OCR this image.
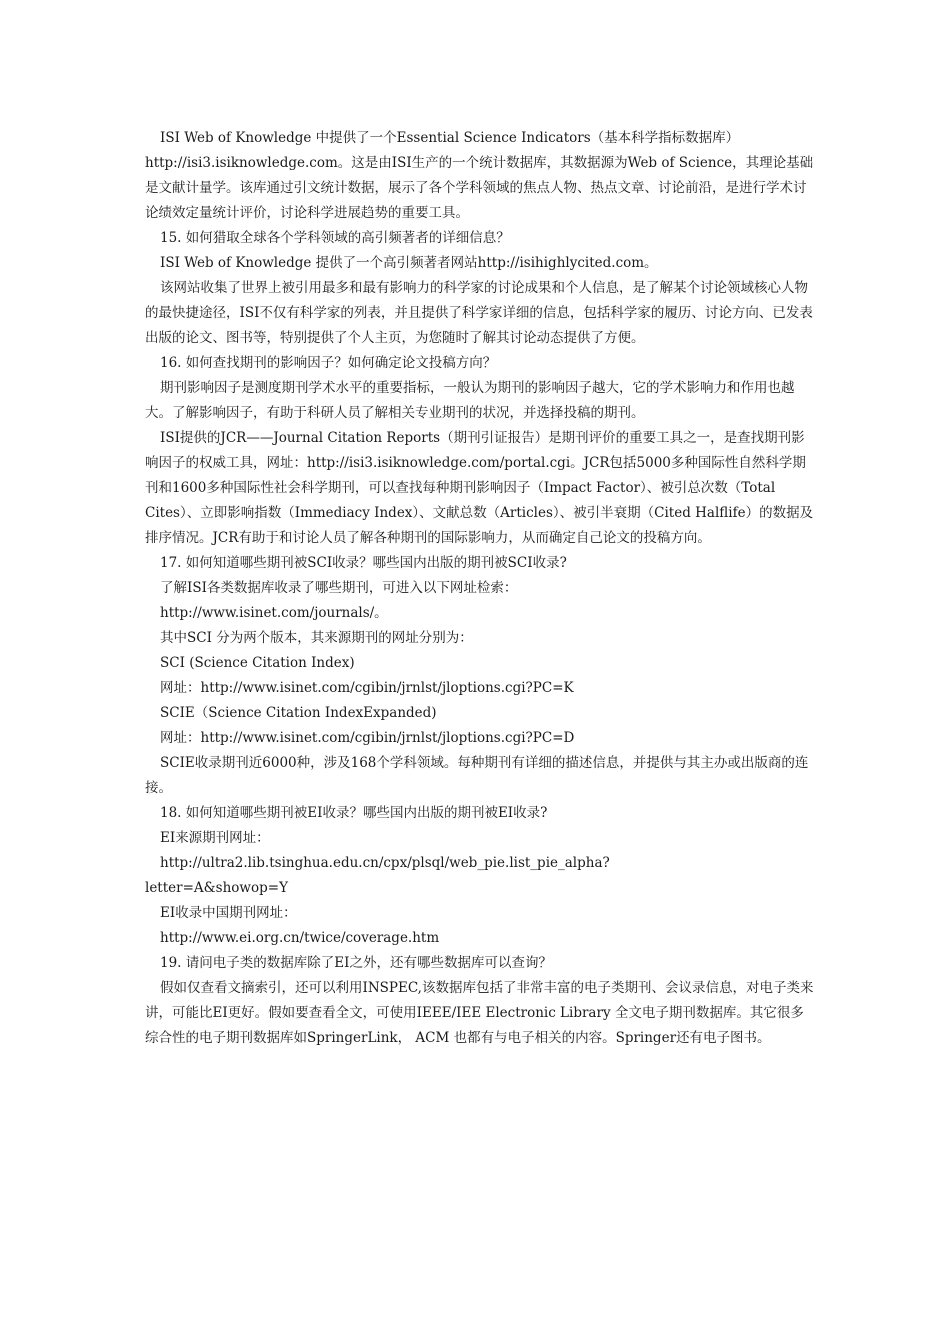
ISI Web of Knowledge 中提供了一个Essential Science Indicators（基本科学指标数据库）http://isi3.isiknowledge.com。这是由ISI生产的一个统计数据库，其数据源为Web of Science，其理论基础是文献计量学。该库通过引文统计数据，展示了各个学科领域的焦点人物、热点文章、讨论前沿，是进行学术讨论绩效定量统计评价，讨论科学进展趋势的重要工具。

15. 如何猎取全球各个学科领域的高引频著者的详细信息？

ISI Web of Knowledge 提供了一个高引频著者网站http://isihighlycited.com。

该网站收集了世界上被引用最多和最有影响力的科学家的讨论成果和个人信息，是了解某个讨论领域核心人物的最快捷途径，ISI不仅有科学家的列表，并且提供了科学家详细的信息，包括科学家的履历、讨论方向、已发表出版的论文、图书等，特别提供了个人主页，为您随时了解其讨论动态提供了方便。

16. 如何查找期刊的影响因子？如何确定论文投稿方向？

期刊影响因子是测度期刊学术水平的重要指标，一般认为期刊的影响因子越大，它的学术影响力和作用也越大。了解影响因子，有助于科研人员了解相关专业期刊的状况，并选择投稿的期刊。

ISI提供的JCR——Journal Citation Reports（期刊引证报告）是期刊评价的重要工具之一，是查找期刊影响因子的权威工具，网址：http://isi3.isiknowledge.com/portal.cgi。JCR包括5000多种国际性自然科学期刊和1600多种国际性社会科学期刊，可以查找每种期刊影响因子（Impact Factor）、被引总次数（Total Cites）、立即影响指数（Immediacy Index）、文献总数（Articles）、被引半衰期（Cited Halflife）的数据及排序情况。JCR有助于和讨论人员了解各种期刊的国际影响力，从而确定自己论文的投稿方向。

17. 如何知道哪些期刊被SCI收录？哪些国内出版的期刊被SCI收录?

了解ISI各类数据库收录了哪些期刊，可进入以下网址检索：

http://www.isinet.com/journals/。

其中SCI 分为两个版本，其来源期刊的网址分别为：

SCI (Science Citation Index)

网址：http://www.isinet.com/cgibin/jrnlst/jloptions.cgi?PC=K

SCIE（Science Citation IndexExpanded)

网址：http://www.isinet.com/cgibin/jrnlst/jloptions.cgi?PC=D

SCIE收录期刊近6000种，涉及168个学科领域。每种期刊有详细的描述信息，并提供与其主办或出版商的连接。

18. 如何知道哪些期刊被EI收录？哪些国内出版的期刊被EI收录?

EI来源期刊网址：

http://ultra2.lib.tsinghua.edu.cn/cpx/plsql/web_pie.list_pie_alpha?

letter=A&showop=Y

EI收录中国期刊网址：

http://www.ei.org.cn/twice/coverage.htm

19. 请问电子类的数据库除了EI之外，还有哪些数据库可以查询？

假如仅查看文摘索引，还可以利用INSPEC,该数据库包括了非常丰富的电子类期刊、会议录信息，对电子类来讲，可能比EI更好。假如要查看全文，可使用IEEE/IEE Electronic Library 全文电子期刊数据库。其它很多综合性的电子期刊数据库如SpringerLink， ACM 也都有与电子相关的内容。Springer还有电子图书。
